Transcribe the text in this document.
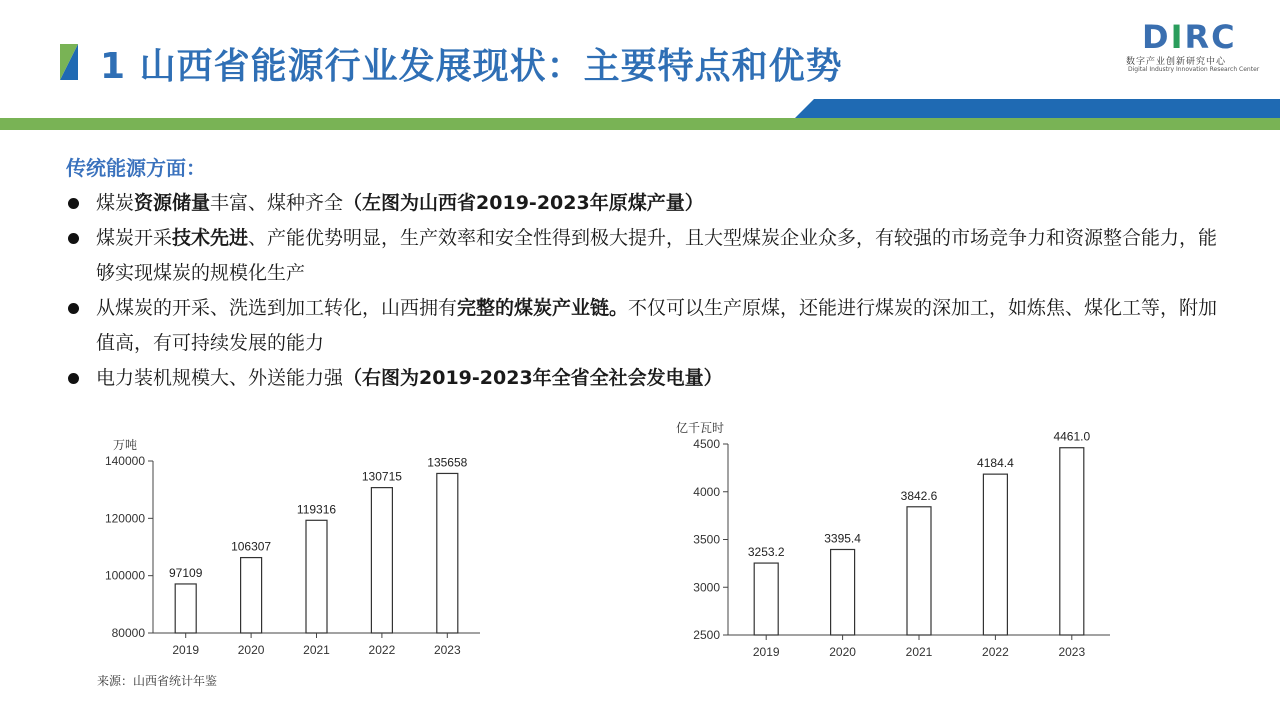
1 山西省能源行业发展现状：主要特点和优势
DIRC
数字产业创新研究中心
Digital Industry Innovation Research Center
传统能源方面：
煤炭资源储量丰富、煤种齐全（左图为山西省2019-2023年原煤产量）
煤炭开采技术先进、产能优势明显，生产效率和安全性得到极大提升，且大型煤炭企业众多，有较强的市场竞争力和资源整合能力，能够实现煤炭的规模化生产
从煤炭的开采、洗选到加工转化，山西拥有完整的煤炭产业链。不仅可以生产原煤，还能进行煤炭的深加工，如炼焦、煤化工等，附加值高，有可持续发展的能力
电力装机规模大、外送能力强（右图为2019-2023年全省全社会发电量）
万吨
80000
100000
120000
140000
97109
2019
106307
2020
119316
2021
130715
2022
135658
2023
亿千瓦时
2500
3000
3500
4000
4500
3253.2
2019
3395.4
2020
3842.6
2021
4184.4
2022
4461.0
2023
来源：山西省统计年鉴
